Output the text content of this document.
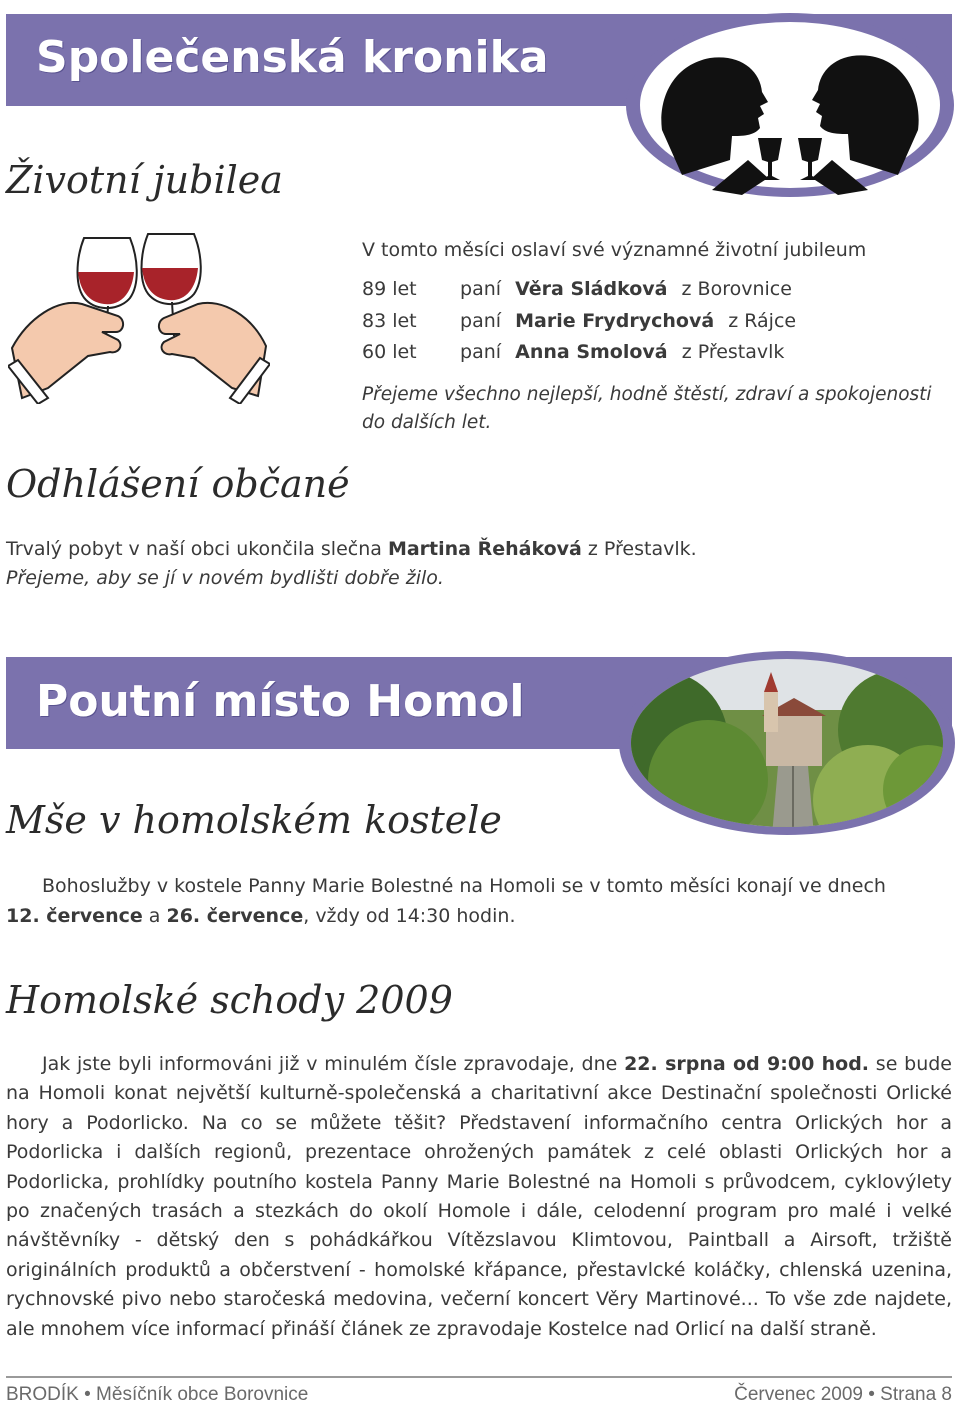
Společenská kronika
Životní jubilea
V tomto měsíci oslaví své významné životní jubileum
89 let paní Věra Sládková z Borovnice
83 let paní Marie Frydrychová z Rájce
60 let paní Anna Smolová z Přestavlk
Přejeme všechno nejlepší, hodně štěstí, zdraví a spokojenosti
do dalších let.
Odhlášení občané
Trvalý pobyt v naší obci ukončila slečna Martina Řeháková z Přestavlk.
Přejeme, aby se jí v novém bydlišti dobře žilo.
Poutní místo Homol
Mše v homolském kostele
Bohoslužby v kostele Panny Marie Bolestné na Homoli se v tomto měsíci konají ve dnech
12. července a 26. července, vždy od 14:30 hodin.
Homolské schody 2009
Jak jste byli informováni již v minulém čísle zpravodaje, dne 22. srpna od 9:00 hod. se bude na Homoli konat největší kulturně-společenská a charitativní akce Destinační společnosti Orlické hory a Podorlicko. Na co se můžete těšit? Představení informačního centra Orlických hor a Podorlicka i dalších regionů, prezentace ohrožených památek z celé oblasti Orlických hor a Podorlicka, prohlídky poutního kostela Panny Marie Bolestné na Homoli s průvodcem, cyklovýlety po značených trasách a stezkách do okolí Homole i dále, celodenní program pro malé i velké návštěvníky - dětský den s pohádkářkou Vítězslavou Klimtovou, Paintball a Airsoft, tržiště originálních produktů a občerstvení - homolské křápance, přestavlcké koláčky, chlenská uzenina, rychnovské pivo nebo staročeská medovina, večerní koncert Věry Martinové... To vše zde najdete, ale mnohem více informací přináší článek ze zpravodaje Kostelce nad Orlicí na další straně.
BRODÍK • Měsíčník obce Borovnice	Červenec 2009 • Strana 8
